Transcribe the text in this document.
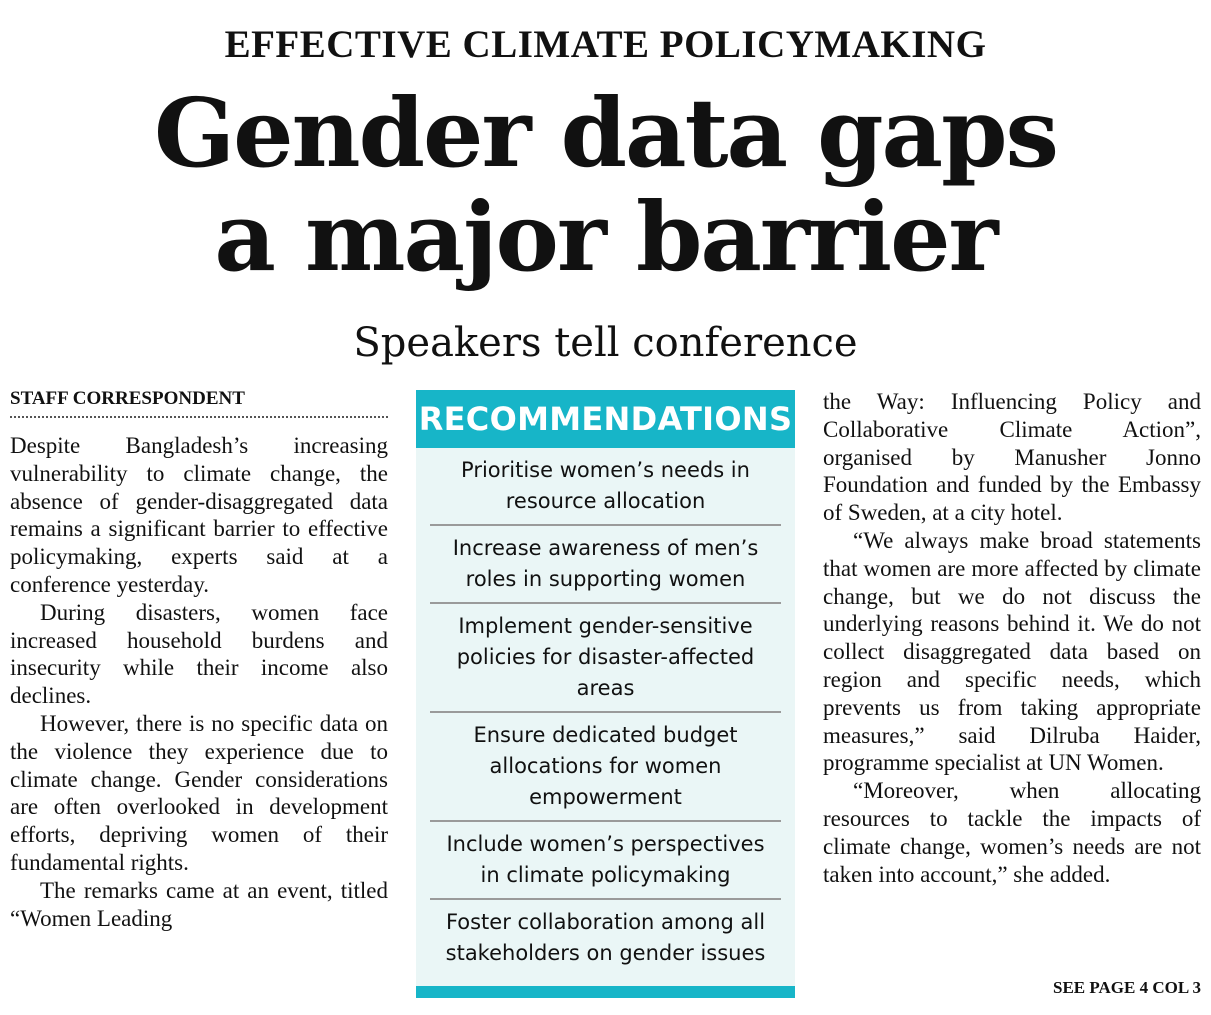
EFFECTIVE CLIMATE POLICYMAKING
Gender data gaps
a major barrier
Speakers tell conference
STAFF CORRESPONDENT

Despite Bangladesh’s increasing vulnerability to climate change, the absence of gender-disaggregated data remains a significant barrier to effective policymaking, experts said at a conference yesterday.

During disasters, women face increased household burdens and insecurity while their income also declines.

However, there is no specific data on the violence they experience due to climate change. Gender considerations are often overlooked in development efforts, depriving women of their fundamental rights.

The remarks came at an event, titled “Women Leading

RECOMMENDATIONS
Prioritise women’s needs in resource allocation
Increase awareness of men’s roles in supporting women
Implement gender-sensitive policies for disaster-affected areas
Ensure dedicated budget allocations for women empowerment
Include women’s perspectives in climate policymaking
Foster collaboration among all stakeholders on gender issues

the Way: Influencing Policy and Collaborative Climate Action”, organised by Manusher Jonno Foundation and funded by the Embassy of Sweden, at a city hotel.

“We always make broad statements that women are more affected by climate change, but we do not discuss the underlying reasons behind it. We do not collect disaggregated data based on region and specific needs, which prevents us from taking appropriate measures,” said Dilruba Haider, programme specialist at UN Women.

“Moreover, when allocating resources to tackle the impacts of climate change, women’s needs are not taken into account,” she added.

SEE PAGE 4 COL 3
